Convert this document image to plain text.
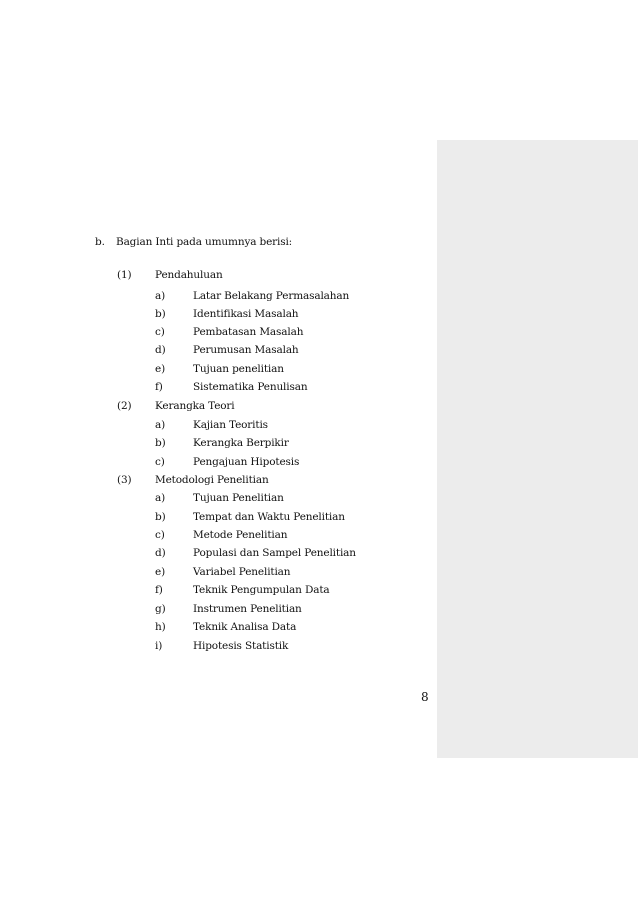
b. Bagian Inti pada umumnya berisi:
(1) Pendahuluan
a)	Latar Belakang Permasalahan
b)	Identifikasi Masalah
c)	Pembatasan Masalah
d)	Perumusan Masalah
e)	Tujuan penelitian
f)	Sistematika Penulisan
(2) Kerangka Teori
a)	Kajian Teoritis
b)	Kerangka Berpikir
c)	Pengajuan Hipotesis
(3) Metodologi Penelitian
a)	Tujuan Penelitian
b)	Tempat dan Waktu Penelitian
c)	Metode Penelitian
d)	Populasi dan Sampel Penelitian
e)	Variabel Penelitian
f)	Teknik Pengumpulan Data
g)	Instrumen Penelitian
h)	Teknik Analisa Data
i)	Hipotesis Statistik
8
